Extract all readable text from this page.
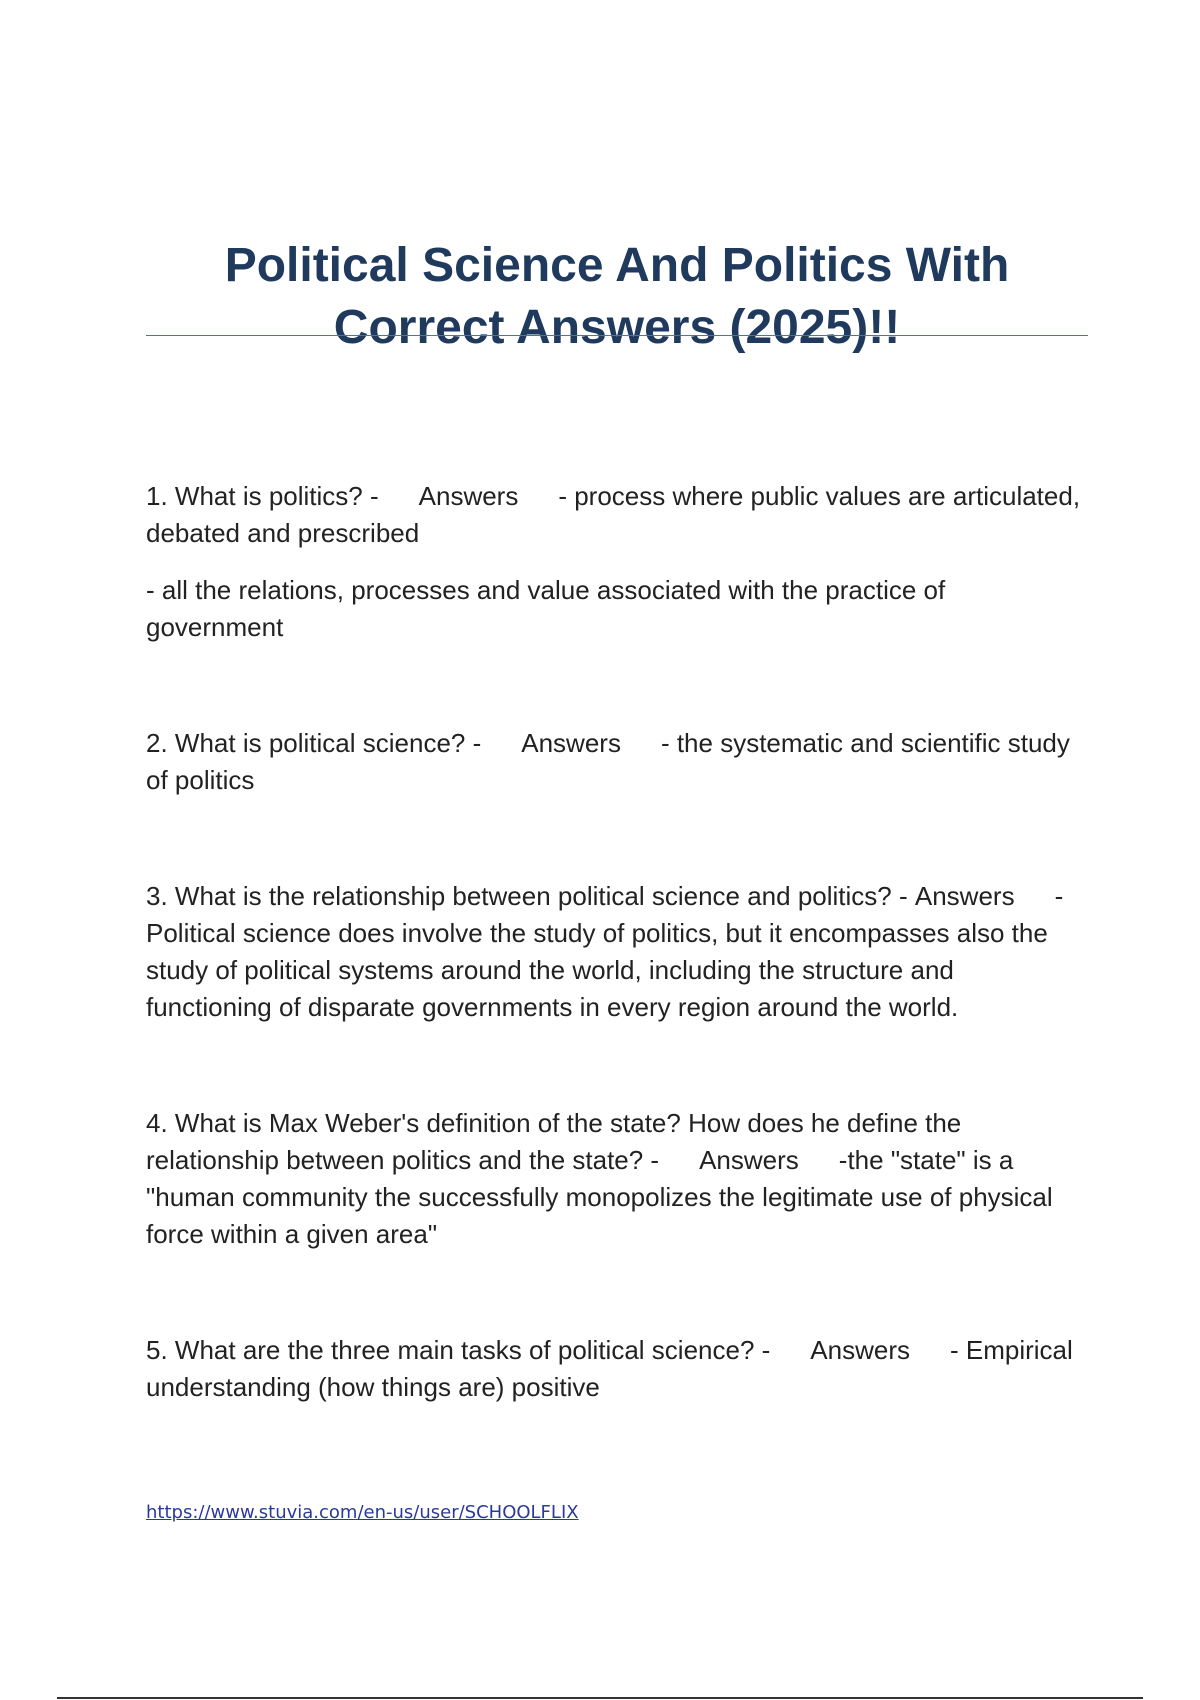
Political Science And Politics With
Correct Answers (2025)!!

1. What is politics? - Answers - process where public values are articulated, debated and prescribed

- all the relations, processes and value associated with the practice of government

2. What is political science? - Answers - the systematic and scientific study of politics

3. What is the relationship between political science and politics? - Answers - Political science does involve the study of politics, but it encompasses also the study of political systems around the world, including the structure and functioning of disparate governments in every region around the world.

4. What is Max Weber's definition of the state? How does he define the relationship between politics and the state? - Answers -the "state" is a "human community the successfully monopolizes the legitimate use of physical force within a given area"

5. What are the three main tasks of political science? - Answers - Empirical understanding (how things are) positive

https://www.stuvia.com/en-us/user/SCHOOLFLIX
